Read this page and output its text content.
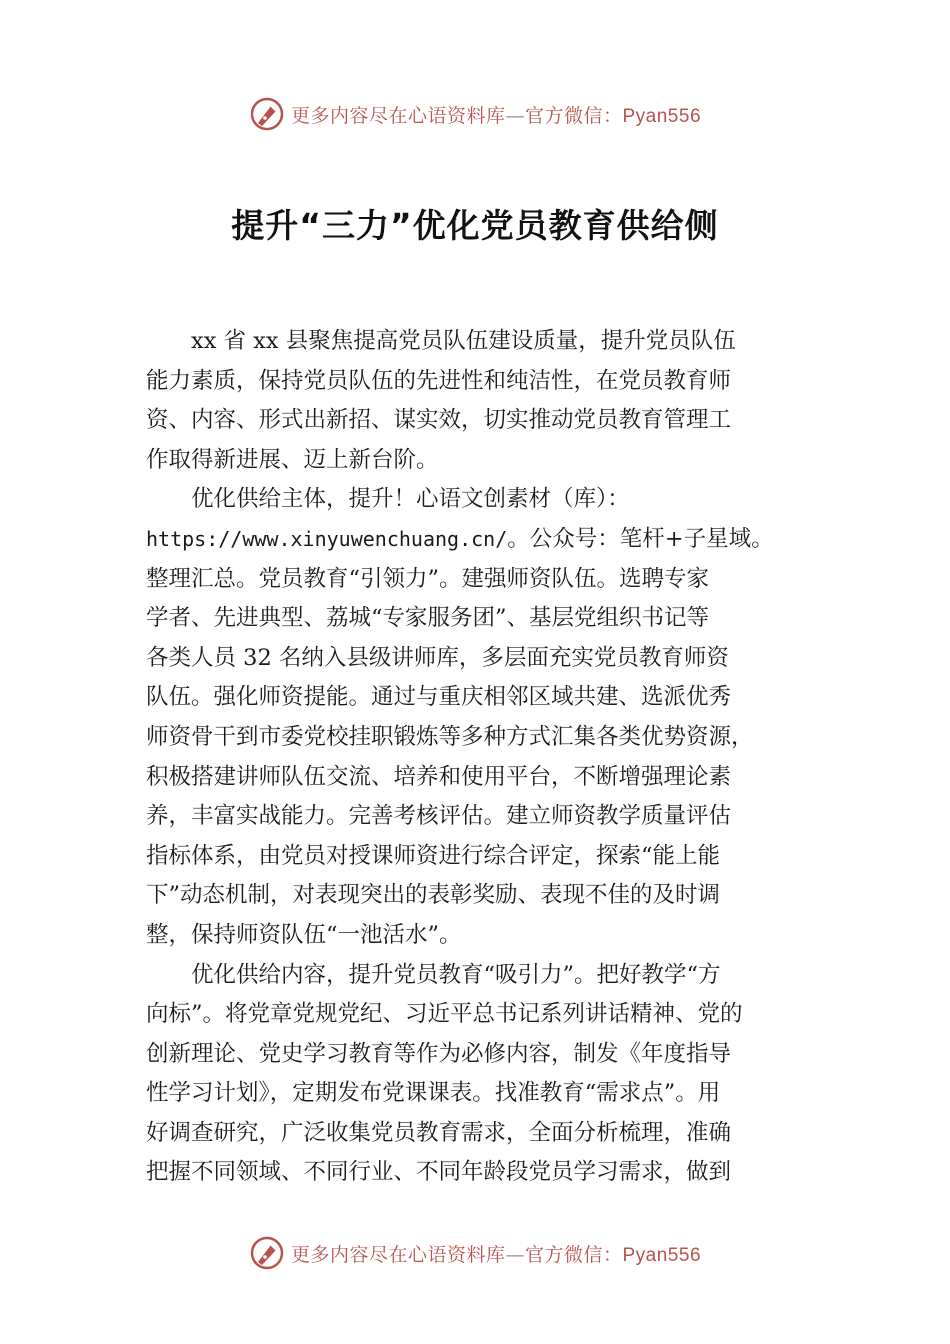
更多内容尽在心语资料库—官方微信：Pyan556
提升“三力”优化党员教育供给侧

xx 省 xx 县聚焦提高党员队伍建设质量，提升党员队伍
能力素质，保持党员队伍的先进性和纯洁性，在党员教育师
资、内容、形式出新招、谋实效，切实推动党员教育管理工
作取得新进展、迈上新台阶。

优化供给主体，提升！心语文创素材（库）：
https://www.xinyuwenchuang.cn/。公众号：笔杆+子星域。
整理汇总。党员教育“引领力”。建强师资队伍。选聘专家
学者、先进典型、荔城“专家服务团”、基层党组织书记等
各类人员 32 名纳入县级讲师库，多层面充实党员教育师资
队伍。强化师资提能。通过与重庆相邻区域共建、选派优秀
师资骨干到市委党校挂职锻炼等多种方式汇集各类优势资源，
积极搭建讲师队伍交流、培养和使用平台，不断增强理论素
养，丰富实战能力。完善考核评估。建立师资教学质量评估
指标体系，由党员对授课师资进行综合评定，探索“能上能
下”动态机制，对表现突出的表彰奖励、表现不佳的及时调
整，保持师资队伍“一池活水”。

优化供给内容，提升党员教育“吸引力”。把好教学“方
向标”。将党章党规党纪、习近平总书记系列讲话精神、党的
创新理论、党史学习教育等作为必修内容，制发《年度指导
性学习计划》，定期发布党课课表。找准教育“需求点”。用
好调查研究，广泛收集党员教育需求，全面分析梳理，准确
把握不同领域、不同行业、不同年龄段党员学习需求，做到

更多内容尽在心语资料库—官方微信：Pyan556
